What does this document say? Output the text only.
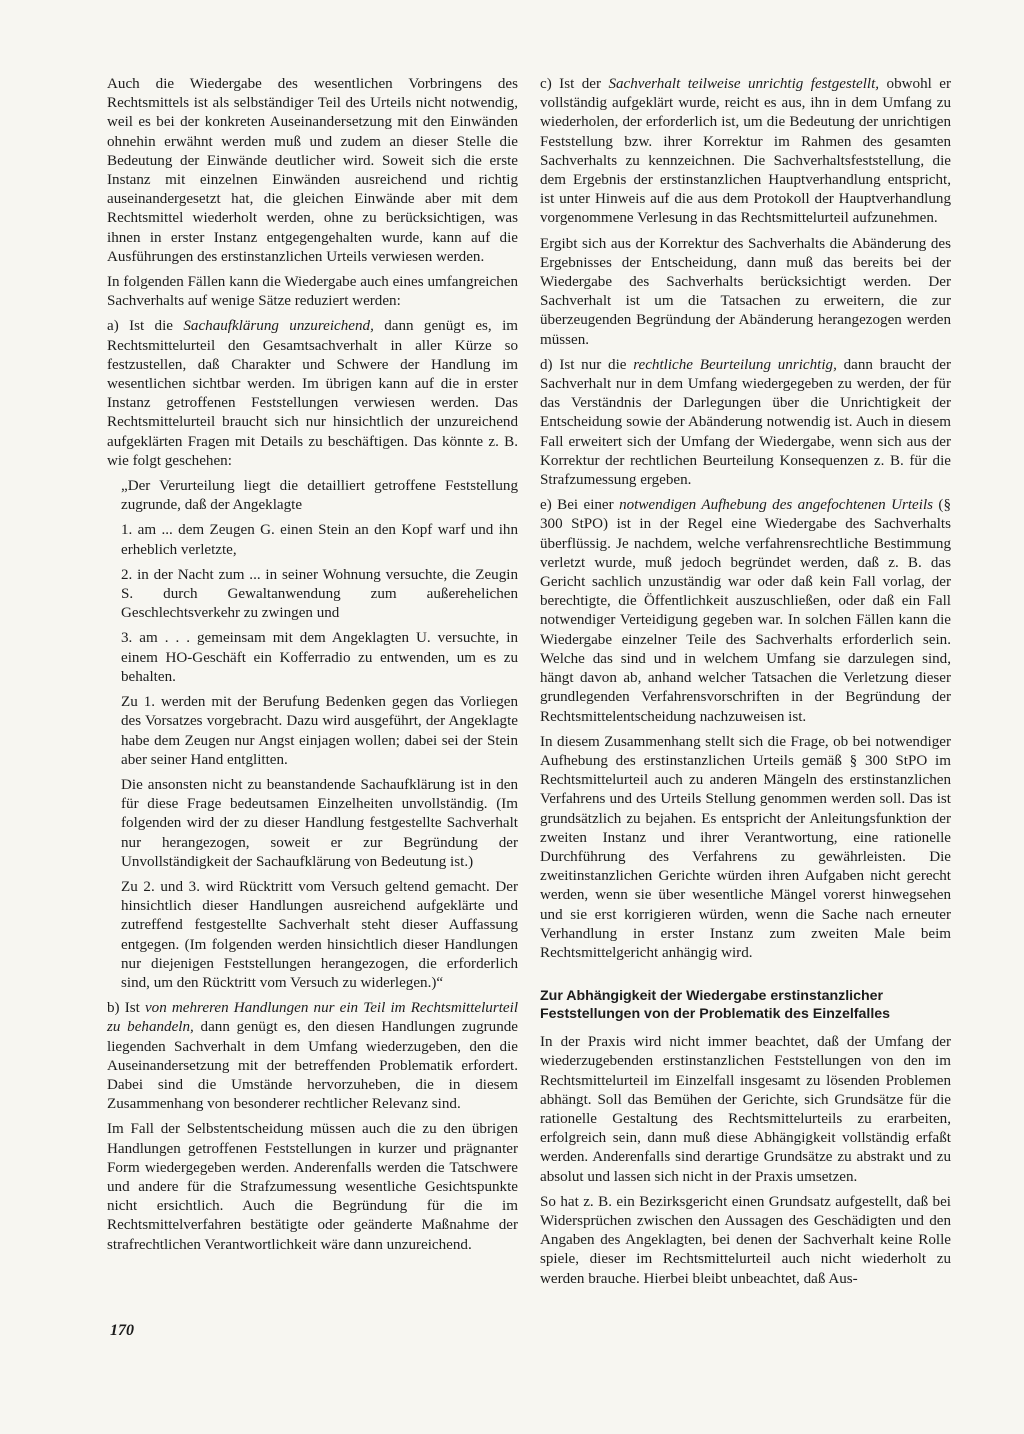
Auch die Wiedergabe des wesentlichen Vorbringens des Rechtsmittels ist als selbständiger Teil des Urteils nicht notwendig, weil es bei der konkreten Auseinandersetzung mit den Einwänden ohnehin erwähnt werden muß und zudem an dieser Stelle die Bedeutung der Einwände deutlicher wird. Soweit sich die erste Instanz mit einzelnen Einwänden ausreichend und richtig auseinandergesetzt hat, die gleichen Einwände aber mit dem Rechtsmittel wiederholt werden, ohne zu berücksichtigen, was ihnen in erster Instanz entgegengehalten wurde, kann auf die Ausführungen des erstinstanzlichen Urteils verwiesen werden.

In folgenden Fällen kann die Wiedergabe auch eines umfangreichen Sachverhalts auf wenige Sätze reduziert werden:

a) Ist die Sachaufklärung unzureichend, dann genügt es, im Rechtsmittelurteil den Gesamtsachverhalt in aller Kürze so festzustellen, daß Charakter und Schwere der Handlung im wesentlichen sichtbar werden. Im übrigen kann auf die in erster Instanz getroffenen Feststellungen verwiesen werden. Das Rechtsmittelurteil braucht sich nur hinsichtlich der unzureichend aufgeklärten Fragen mit Details zu beschäftigen. Das könnte z. B. wie folgt geschehen:

„Der Verurteilung liegt die detailliert getroffene Feststellung zugrunde, daß der Angeklagte

1. am ... dem Zeugen G. einen Stein an den Kopf warf und ihn erheblich verletzte,

2. in der Nacht zum ... in seiner Wohnung versuchte, die Zeugin S. durch Gewaltanwendung zum außerehelichen Geschlechtsverkehr zu zwingen und

3. am . . . gemeinsam mit dem Angeklagten U. versuchte, in einem HO-Geschäft ein Kofferradio zu entwenden, um es zu behalten.

Zu 1. werden mit der Berufung Bedenken gegen das Vorliegen des Vorsatzes vorgebracht. Dazu wird ausgeführt, der Angeklagte habe dem Zeugen nur Angst einjagen wollen; dabei sei der Stein aber seiner Hand entglitten.

Die ansonsten nicht zu beanstandende Sachaufklärung ist in den für diese Frage bedeutsamen Einzelheiten unvollständig. (Im folgenden wird der zu dieser Handlung festgestellte Sachverhalt nur herangezogen, soweit er zur Begründung der Unvollständigkeit der Sachaufklärung von Bedeutung ist.)

Zu 2. und 3. wird Rücktritt vom Versuch geltend gemacht. Der hinsichtlich dieser Handlungen ausreichend aufgeklärte und zutreffend festgestellte Sachverhalt steht dieser Auffassung entgegen. (Im folgenden werden hinsichtlich dieser Handlungen nur diejenigen Feststellungen herangezogen, die erforderlich sind, um den Rücktritt vom Versuch zu widerlegen.)“

b) Ist von mehreren Handlungen nur ein Teil im Rechtsmittelurteil zu behandeln, dann genügt es, den diesen Handlungen zugrunde liegenden Sachverhalt in dem Umfang wiederzugeben, den die Auseinandersetzung mit der betreffenden Problematik erfordert. Dabei sind die Umstände hervorzuheben, die in diesem Zusammenhang von besonderer rechtlicher Relevanz sind.

Im Fall der Selbstentscheidung müssen auch die zu den übrigen Handlungen getroffenen Feststellungen in kurzer und prägnanter Form wiedergegeben werden. Anderenfalls werden die Tatschwere und andere für die Strafzumessung wesentliche Gesichtspunkte nicht ersichtlich. Auch die Begründung für die im Rechtsmittelverfahren bestätigte oder geänderte Maßnahme der strafrechtlichen Verantwortlichkeit wäre dann unzureichend.

c) Ist der Sachverhalt teilweise unrichtig festgestellt, obwohl er vollständig aufgeklärt wurde, reicht es aus, ihn in dem Umfang zu wiederholen, der erforderlich ist, um die Bedeutung der unrichtigen Feststellung bzw. ihrer Korrektur im Rahmen des gesamten Sachverhalts zu kennzeichnen. Die Sachverhaltsfeststellung, die dem Ergebnis der erstinstanzlichen Hauptverhandlung entspricht, ist unter Hinweis auf die aus dem Protokoll der Hauptverhandlung vorgenommene Verlesung in das Rechtsmittelurteil aufzunehmen.

Ergibt sich aus der Korrektur des Sachverhalts die Abänderung des Ergebnisses der Entscheidung, dann muß das bereits bei der Wiedergabe des Sachverhalts berücksichtigt werden. Der Sachverhalt ist um die Tatsachen zu erweitern, die zur überzeugenden Begründung der Abänderung herangezogen werden müssen.

d) Ist nur die rechtliche Beurteilung unrichtig, dann braucht der Sachverhalt nur in dem Umfang wiedergegeben zu werden, der für das Verständnis der Darlegungen über die Unrichtigkeit der Entscheidung sowie der Abänderung notwendig ist. Auch in diesem Fall erweitert sich der Umfang der Wiedergabe, wenn sich aus der Korrektur der rechtlichen Beurteilung Konsequenzen z. B. für die Strafzumessung ergeben.

e) Bei einer notwendigen Aufhebung des angefochtenen Urteils (§ 300 StPO) ist in der Regel eine Wiedergabe des Sachverhalts überflüssig. Je nachdem, welche verfahrensrechtliche Bestimmung verletzt wurde, muß jedoch begründet werden, daß z. B. das Gericht sachlich unzuständig war oder daß kein Fall vorlag, der berechtigte, die Öffentlichkeit auszuschließen, oder daß ein Fall notwendiger Verteidigung gegeben war. In solchen Fällen kann die Wiedergabe einzelner Teile des Sachverhalts erforderlich sein. Welche das sind und in welchem Umfang sie darzulegen sind, hängt davon ab, anhand welcher Tatsachen die Verletzung dieser grundlegenden Verfahrensvorschriften in der Begründung der Rechtsmittelentscheidung nachzuweisen ist.

In diesem Zusammenhang stellt sich die Frage, ob bei notwendiger Aufhebung des erstinstanzlichen Urteils gemäß § 300 StPO im Rechtsmittelurteil auch zu anderen Mängeln des erstinstanzlichen Verfahrens und des Urteils Stellung genommen werden soll. Das ist grundsätzlich zu bejahen. Es entspricht der Anleitungsfunktion der zweiten Instanz und ihrer Verantwortung, eine rationelle Durchführung des Verfahrens zu gewährleisten. Die zweitinstanzlichen Gerichte würden ihren Aufgaben nicht gerecht werden, wenn sie über wesentliche Mängel vorerst hinwegsehen und sie erst korrigieren würden, wenn die Sache nach erneuter Verhandlung in erster Instanz zum zweiten Male beim Rechtsmittelgericht anhängig wird.

Zur Abhängigkeit der Wiedergabe erstinstanzlicher Feststellungen von der Problematik des Einzelfalles

In der Praxis wird nicht immer beachtet, daß der Umfang der wiederzugebenden erstinstanzlichen Feststellungen von den im Rechtsmittelurteil im Einzelfall insgesamt zu lösenden Problemen abhängt. Soll das Bemühen der Gerichte, sich Grundsätze für die rationelle Gestaltung des Rechtsmittelurteils zu erarbeiten, erfolgreich sein, dann muß diese Abhängigkeit vollständig erfaßt werden. Anderenfalls sind derartige Grundsätze zu abstrakt und zu absolut und lassen sich nicht in der Praxis umsetzen.

So hat z. B. ein Bezirksgericht einen Grundsatz aufgestellt, daß bei Widersprüchen zwischen den Aussagen des Geschädigten und den Angaben des Angeklagten, bei denen der Sachverhalt keine Rolle spiele, dieser im Rechtsmittelurteil auch nicht wiederholt zu werden brauche. Hierbei bleibt unbeachtet, daß Aus-

170
